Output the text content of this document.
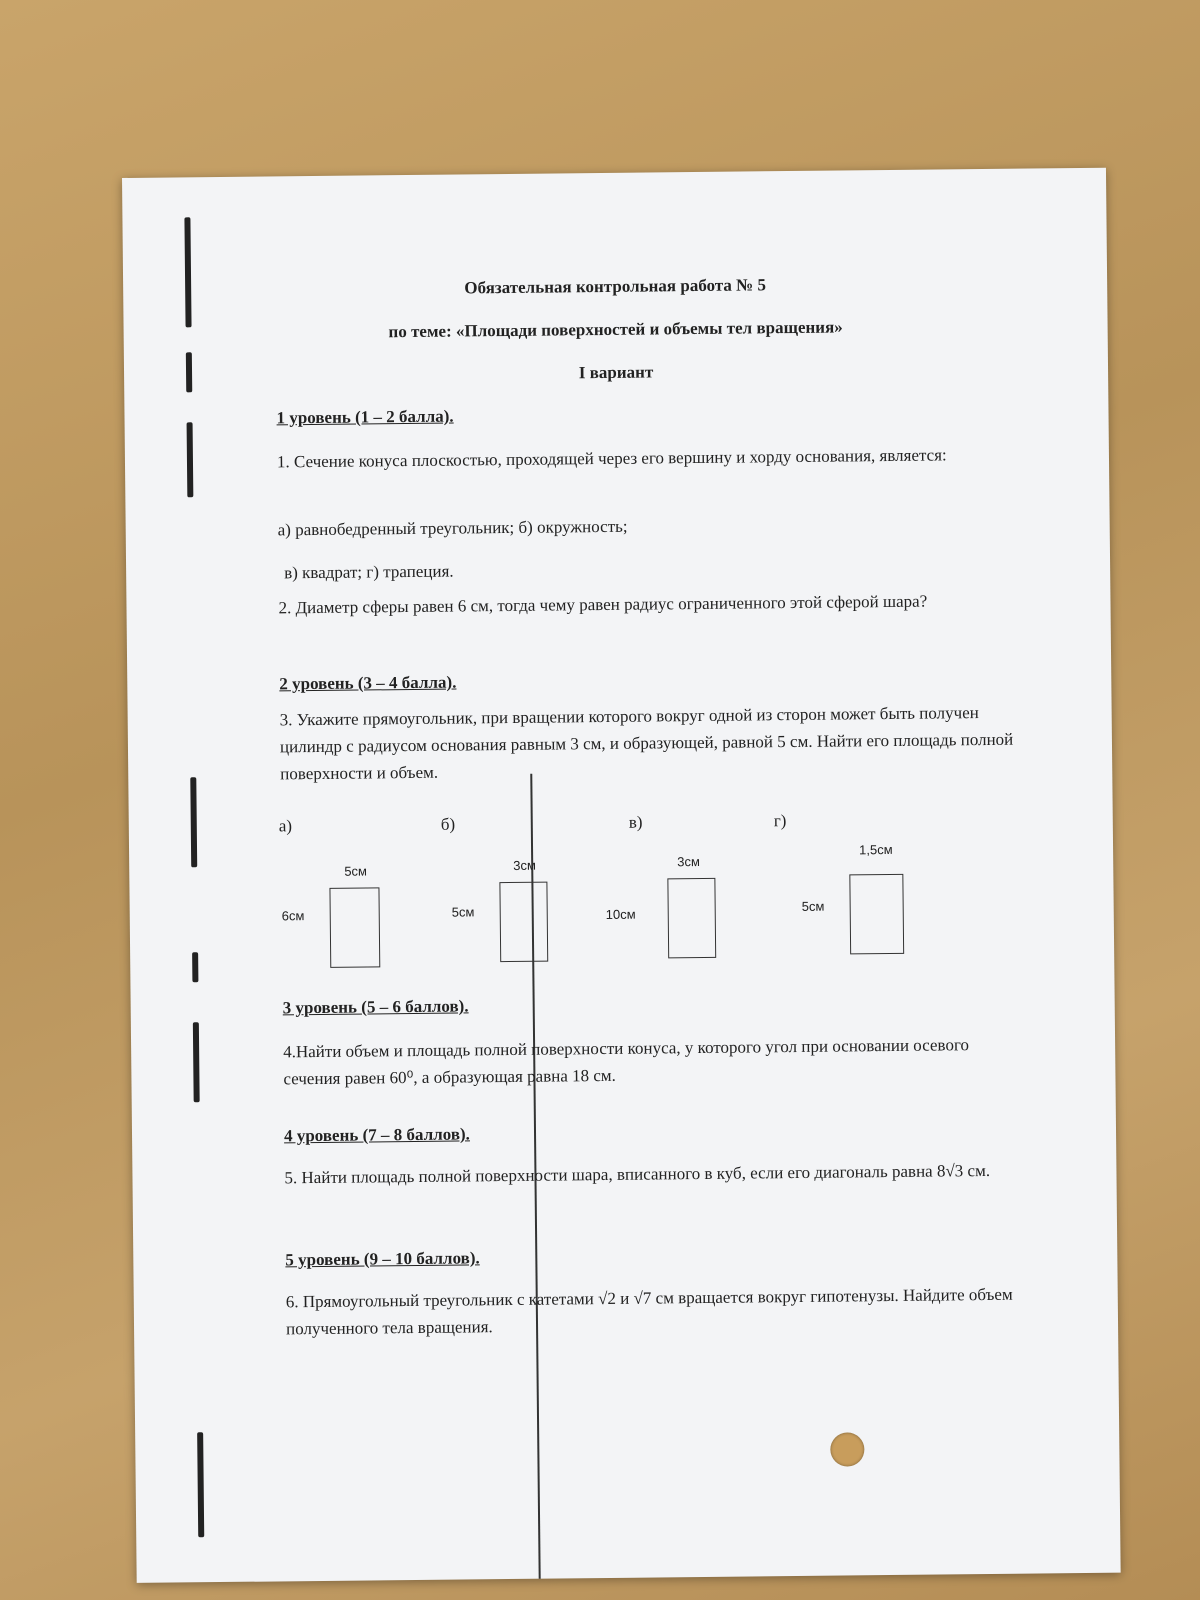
Обязательная контрольная работа № 5
по теме: «Площади поверхностей и объемы тел вращения»
I вариант
1 уровень (1 – 2 балла).
1. Сечение конуса плоскостью, проходящей через его вершину и хорду основания, является:
а) равнобедренный треугольник; б) окружность;
в) квадрат; г) трапеция.
2. Диаметр сферы равен 6 см, тогда чему равен радиус ограниченного этой сферой шара?
2 уровень (3 – 4 балла).
3. Укажите прямоугольник, при вращении которого вокруг одной из сторон может быть получен цилиндр с радиусом основания равным 3 см, и образующей, равной 5 см. Найти его площадь полной поверхности и объем.
а)	б)	в)	г)
5см
6см
3см
5см
3см
10см
1,5см
5см
3 уровень (5 – 6 баллов).
4.Найти объем и площадь полной поверхности конуса, у которого угол при основании осевого сечения равен 60⁰, а образующая равна 18 см.
4 уровень (7 – 8 баллов).
5. Найти площадь полной поверхности шара, вписанного в куб, если его диагональ равна 8√3 см.
5 уровень (9 – 10 баллов).
6. Прямоугольный треугольник с катетами √2 и √7 см вращается вокруг гипотенузы. Найдите объем полученного тела вращения.
